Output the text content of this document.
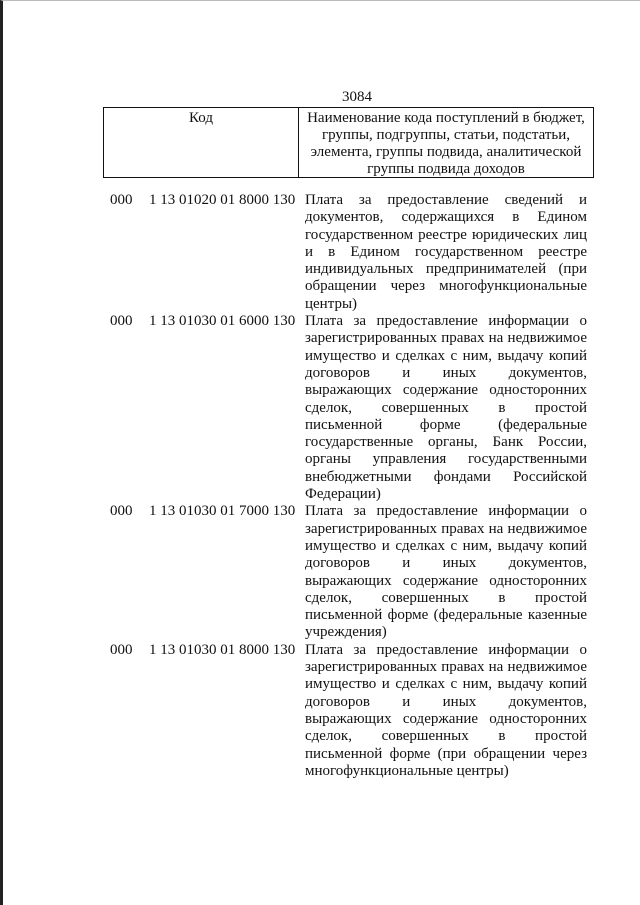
3084
Код	Наименование кода поступлений в бюджет, группы, подгруппы, статьи, подстатьи, элемента, группы подвида, аналитической группы подвида доходов
000 1 13 01020 01 8000 130 Плата за предоставление сведений и документов, содержащихся в Едином государственном реестре юридических лиц и в Едином государственном реестре индивидуальных предпринимателей (при обращении через многофункциональные центры)
000 1 13 01030 01 6000 130 Плата за предоставление информации о зарегистрированных правах на недвижимое имущество и сделках с ним, выдачу копий договоров и иных документов, выражающих содержание односторонних сделок, совершенных в простой письменной форме (федеральные государственные органы, Банк России, органы управления государственными внебюджетными фондами Российской Федерации)
000 1 13 01030 01 7000 130 Плата за предоставление информации о зарегистрированных правах на недвижимое имущество и сделках с ним, выдачу копий договоров и иных документов, выражающих содержание односторонних сделок, совершенных в простой письменной форме (федеральные казенные учреждения)
000 1 13 01030 01 8000 130 Плата за предоставление информации о зарегистрированных правах на недвижимое имущество и сделках с ним, выдачу копий договоров и иных документов, выражающих содержание односторонних сделок, совершенных в простой письменной форме (при обращении через многофункциональные центры)
